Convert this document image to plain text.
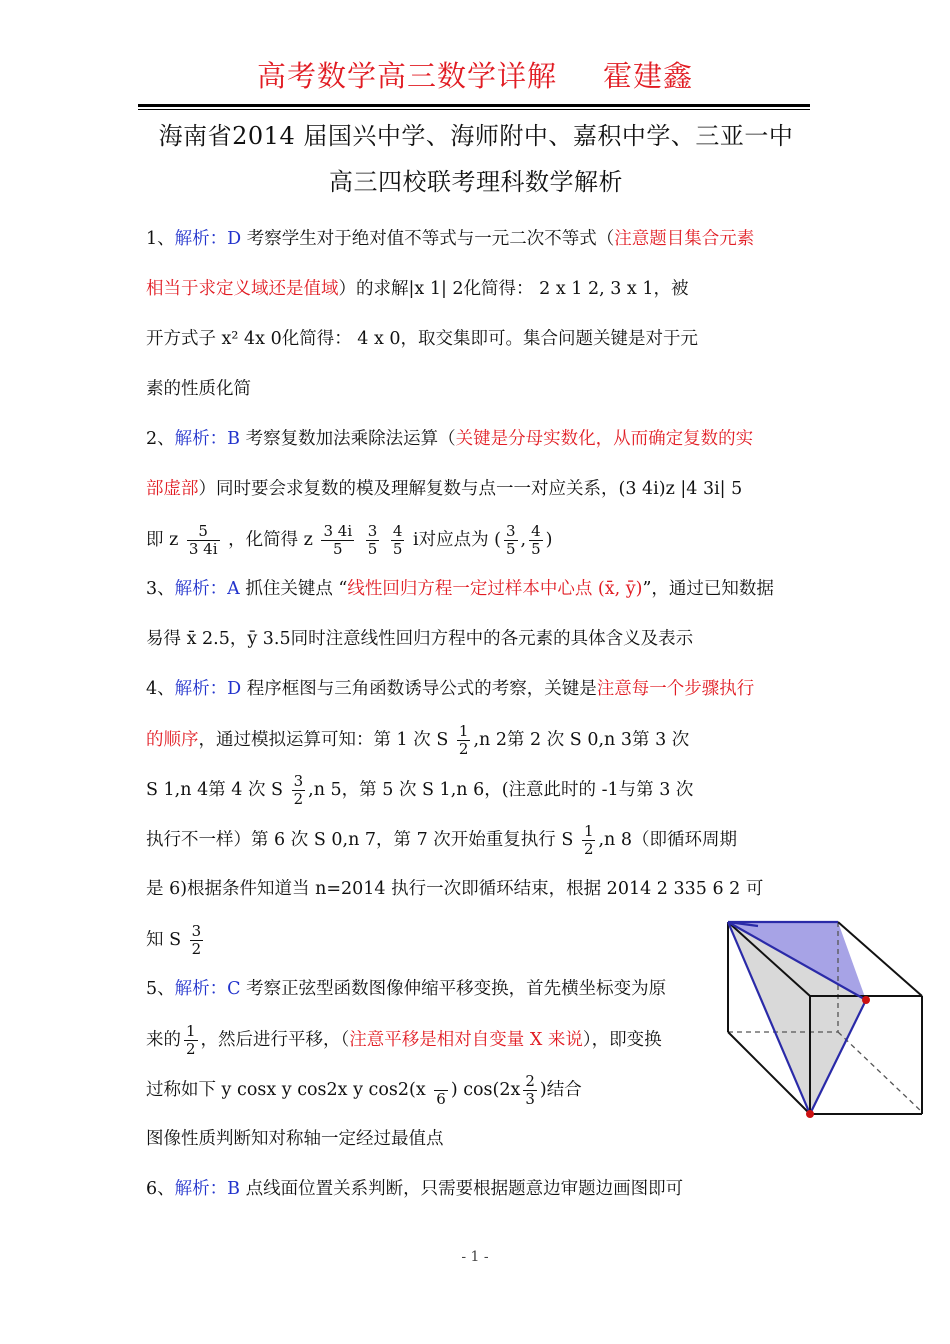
高考数学高三数学详解 霍建鑫
海南省2014 届国兴中学、海师附中、嘉积中学、三亚一中
高三四校联考理科数学解析
1、解析：D 考察学生对于绝对值不等式与一元二次不等式（注意题目集合元素
相当于求定义域还是值域）的求解|x 1| 2化简得： 2 x 1 2, 3 x 1，被
开方式子 x² 4x 0化简得： 4 x 0，取交集即可。集合问题关键是对于元
素的性质化简
2、解析：B 考察复数加法乘除法运算（关键是分母实数化，从而确定复数的实
部虚部）同时要会求复数的模及理解复数与点一一对应关系，(3 4i)z |4 3i| 5
即 z $\frac{5}{3 4i}$ ，化简得 z $\frac{3 4i}{5}$
$\frac{3}{5}$
$\frac{4}{5}$ i对应点为 ( $\frac{3}{5}$ , $\frac{4}{5}$ )
3、解析：A 抓住关键点 “线性回归方程一定过样本中心点 (x̄, ȳ)”，通过已知数据
易得 x̄ 2.5，ȳ 3.5同时注意线性回归方程中的各元素的具体含义及表示
4、解析：D 程序框图与三角函数诱导公式的考察，关键是注意每一个步骤执行
的顺序，通过模拟运算可知：第 1 次 S $\frac{1}{2} ,n$ 2第 2 次 S 0,n 3第 3 次
S 1,n 4第 4 次 S $\frac{3}{2} ,n$ 5，第 5 次 S 1,n 6，(注意此时的 -1与第 3 次
执行不一样）第 6 次 S 0,n 7，第 7 次开始重复执行 S $\frac{1}{2} ,n$ 8（即循环周期
是 6)根据条件知道当 n=2014 执行一次即循环结束，根据 2014 2 335 6 2 可
知 S $\frac{3}{2}$
5、解析：C 考察正弦型函数图像伸缩平移变换，首先横坐标变为原
来的 $\frac{1}{2}$ ，然后进行平移，（注意平移是相对自变量 X 来说），即变换
过称如下 y cosx y cos2x y cos2(x
6 ) $\cos(2x \frac{2}{3}$ )结合
图像性质判断知对称轴一定经过最值点
6、解析：B 点线面位置关系判断，只需要根据题意边审题边画图即可
- 1 -
